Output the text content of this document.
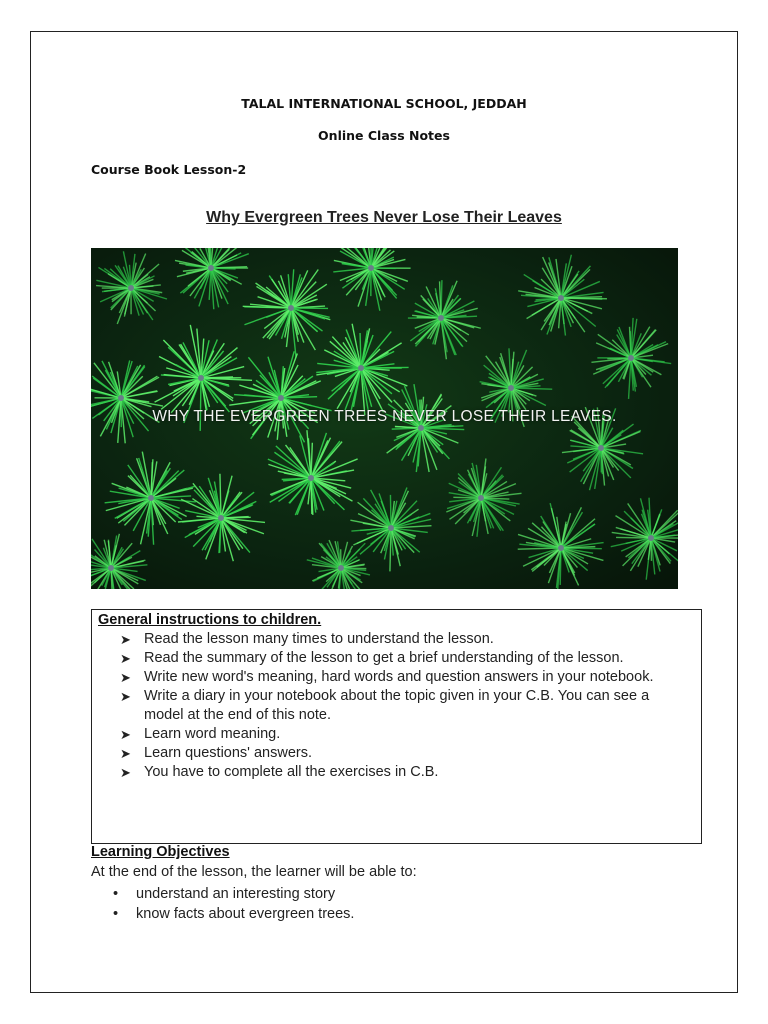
TALAL INTERNATIONAL SCHOOL, JEDDAH
Online Class Notes
Course Book Lesson-2
Why Evergreen Trees Never Lose Their Leaves
WHY THE EVERGREEN TREES NEVER LOSE THEIR LEAVES.
General instructions to children.
➤ Read the lesson many times to understand the lesson.
➤ Read the summary of the lesson to get a brief understanding of the lesson.
➤ Write new word's meaning, hard words and question answers in your notebook.
➤ Write a diary in your notebook about the topic given in your C.B. You can see a model at the end of this note.
➤ Learn word meaning.
➤ Learn questions' answers.
➤ You have to complete all the exercises in C.B.
Learning Objectives
At the end of the lesson, the learner will be able to:
• understand an interesting story
• know facts about evergreen trees.
